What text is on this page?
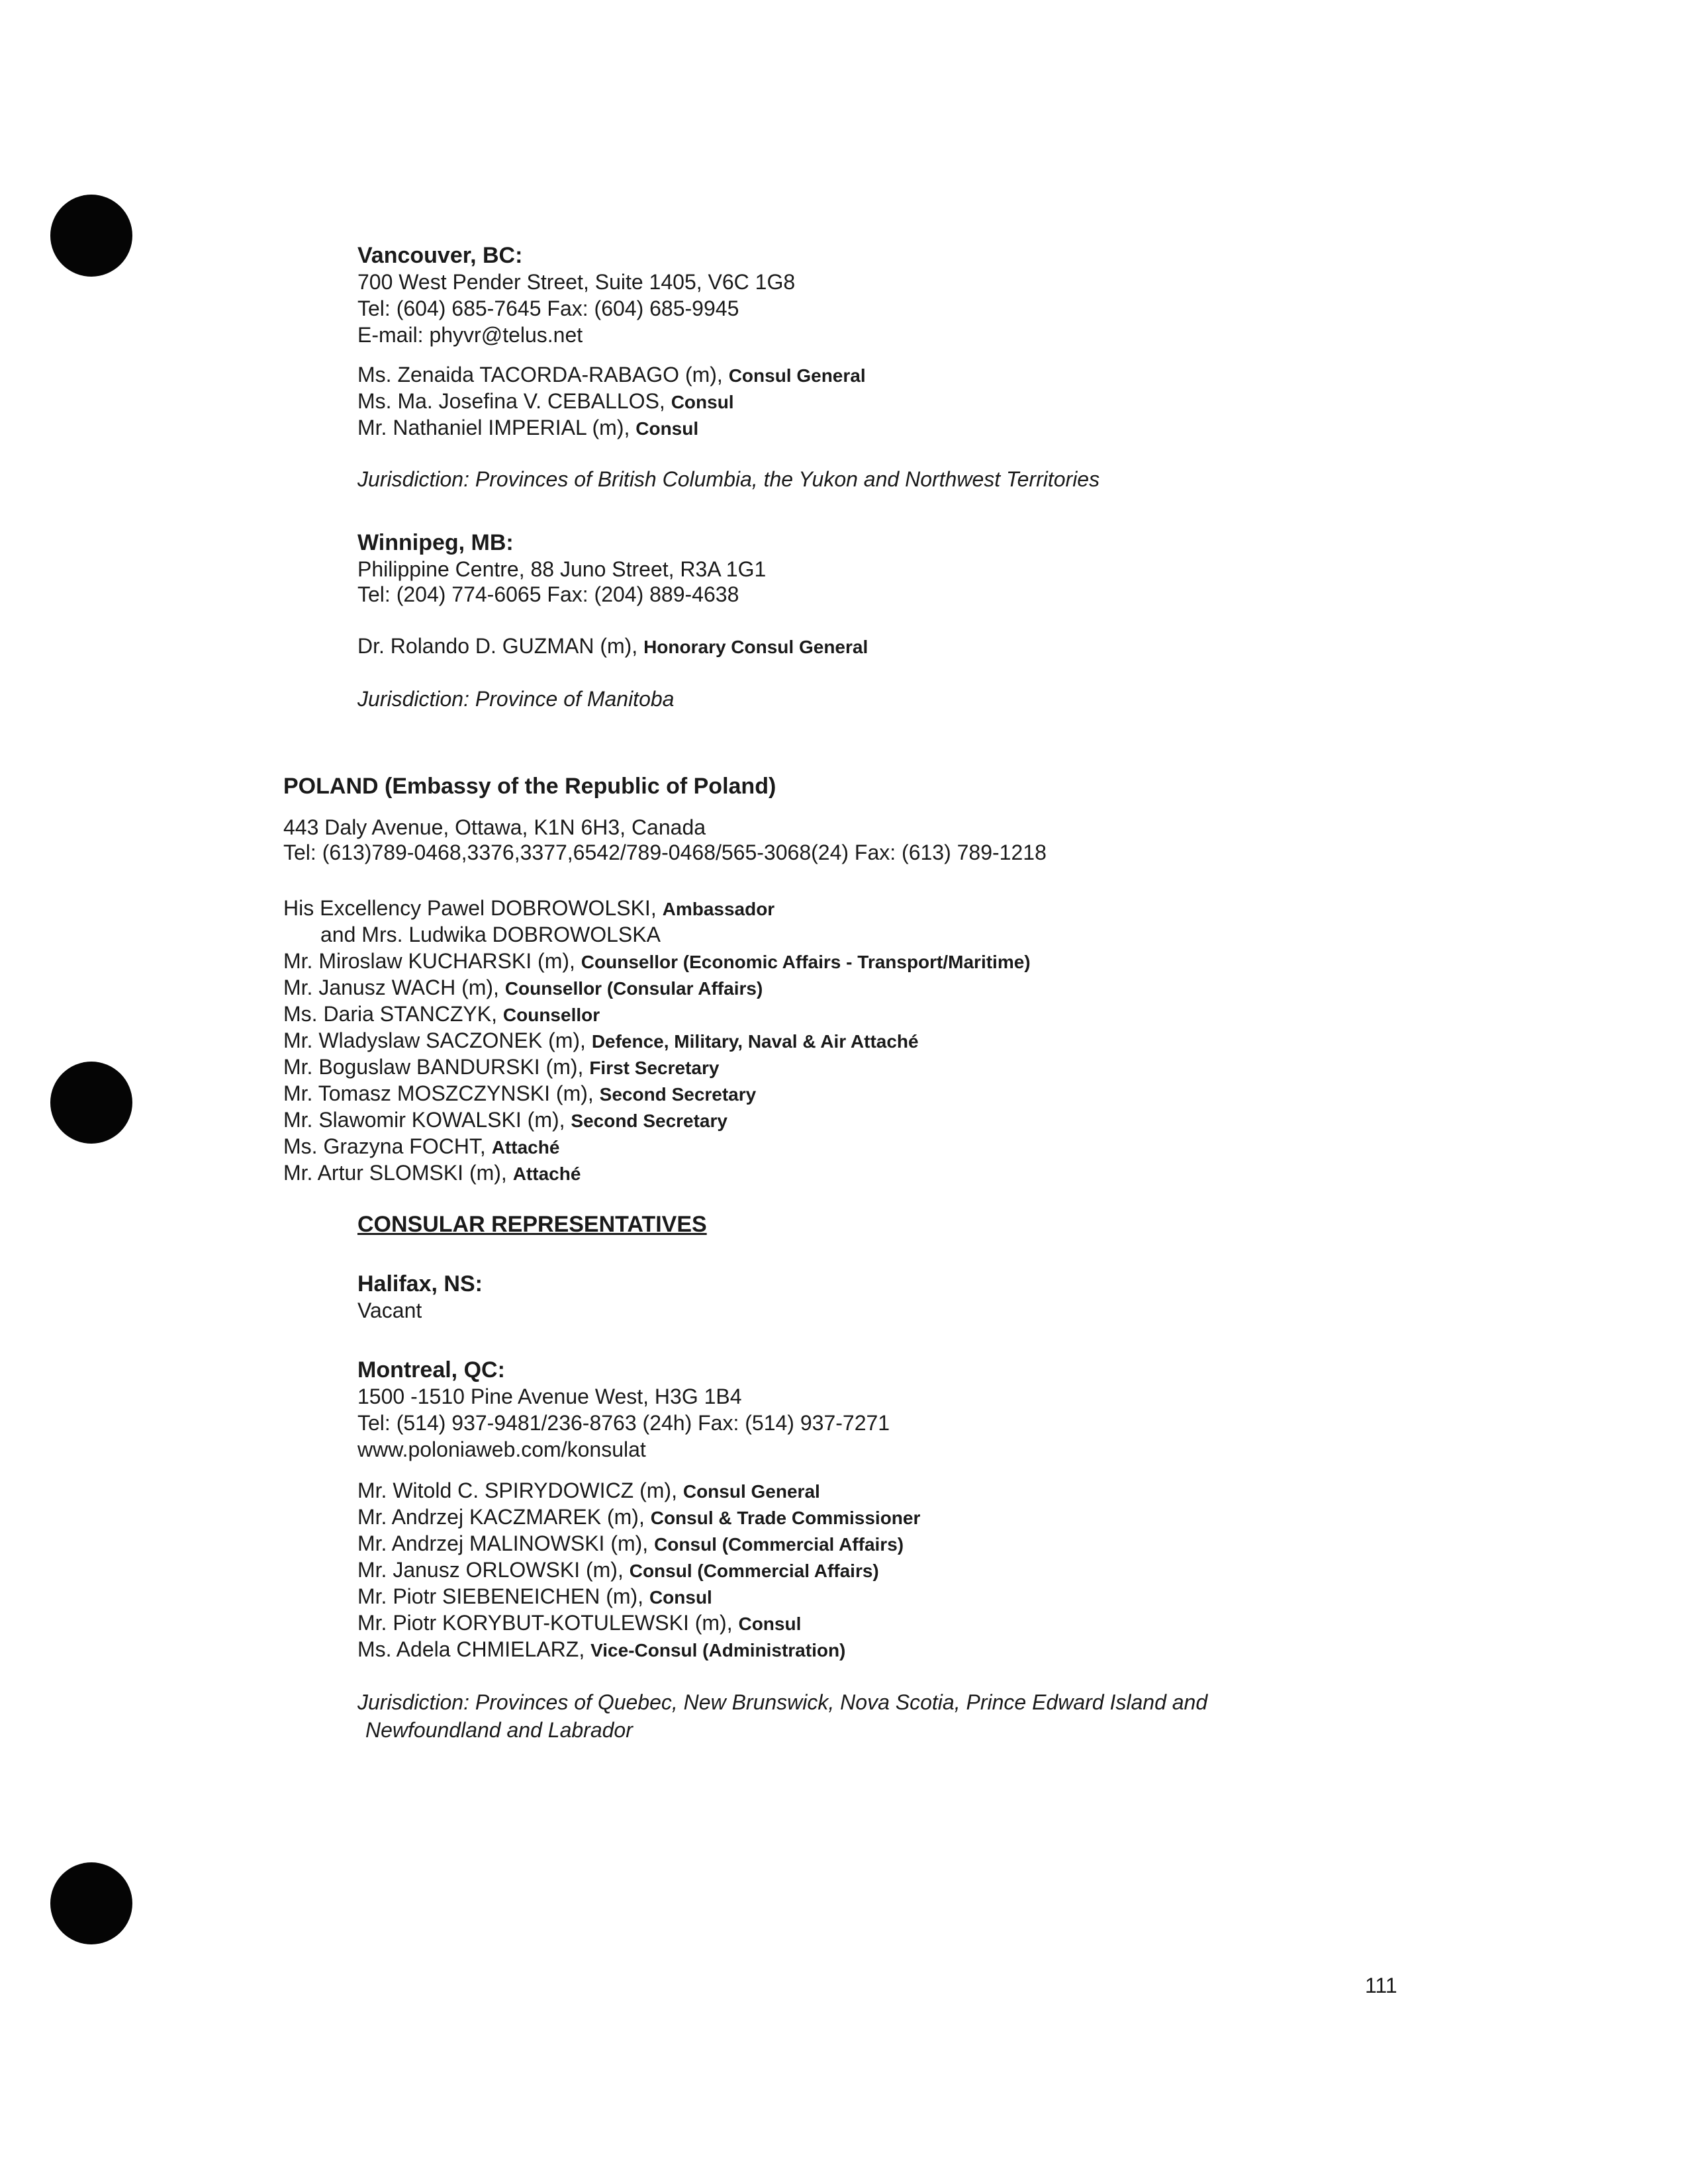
Vancouver, BC:
700 West Pender Street, Suite 1405, V6C 1G8
Tel: (604) 685-7645 Fax: (604) 685-9945
E-mail: phyvr@telus.net
Ms. Zenaida TACORDA-RABAGO (m), Consul General
Ms. Ma. Josefina V. CEBALLOS, Consul
Mr. Nathaniel IMPERIAL (m), Consul
Jurisdiction: Provinces of British Columbia, the Yukon and Northwest Territories
Winnipeg, MB:
Philippine Centre, 88 Juno Street, R3A 1G1
Tel: (204) 774-6065 Fax: (204) 889-4638
Dr. Rolando D. GUZMAN (m), Honorary Consul General
Jurisdiction: Province of Manitoba
POLAND (Embassy of the Republic of Poland)
443 Daly Avenue, Ottawa, K1N 6H3, Canada
Tel: (613)789-0468,3376,3377,6542/789-0468/565-3068(24) Fax: (613) 789-1218
His Excellency Pawel DOBROWOLSKI, Ambassador
and Mrs. Ludwika DOBROWOLSKA
Mr. Miroslaw KUCHARSKI (m), Counsellor (Economic Affairs - Transport/Maritime)
Mr. Janusz WACH (m), Counsellor (Consular Affairs)
Ms. Daria STANCZYK, Counsellor
Mr. Wladyslaw SACZONEK (m), Defence, Military, Naval & Air Attaché
Mr. Boguslaw BANDURSKI (m), First Secretary
Mr. Tomasz MOSZCZYNSKI (m), Second Secretary
Mr. Slawomir KOWALSKI (m), Second Secretary
Ms. Grazyna FOCHT, Attaché
Mr. Artur SLOMSKI (m), Attaché
CONSULAR REPRESENTATIVES
Halifax, NS:
Vacant
Montreal, QC:
1500 -1510 Pine Avenue West, H3G 1B4
Tel: (514) 937-9481/236-8763 (24h) Fax: (514) 937-7271
www.poloniaweb.com/konsulat
Mr. Witold C. SPIRYDOWICZ (m), Consul General
Mr. Andrzej KACZMAREK (m), Consul & Trade Commissioner
Mr. Andrzej MALINOWSKI (m), Consul (Commercial Affairs)
Mr. Janusz ORLOWSKI (m), Consul (Commercial Affairs)
Mr. Piotr SIEBENEICHEN (m), Consul
Mr. Piotr KORYBUT-KOTULEWSKI (m), Consul
Ms. Adela CHMIELARZ, Vice-Consul (Administration)
Jurisdiction: Provinces of Quebec, New Brunswick, Nova Scotia, Prince Edward Island and
Newfoundland and Labrador
111
